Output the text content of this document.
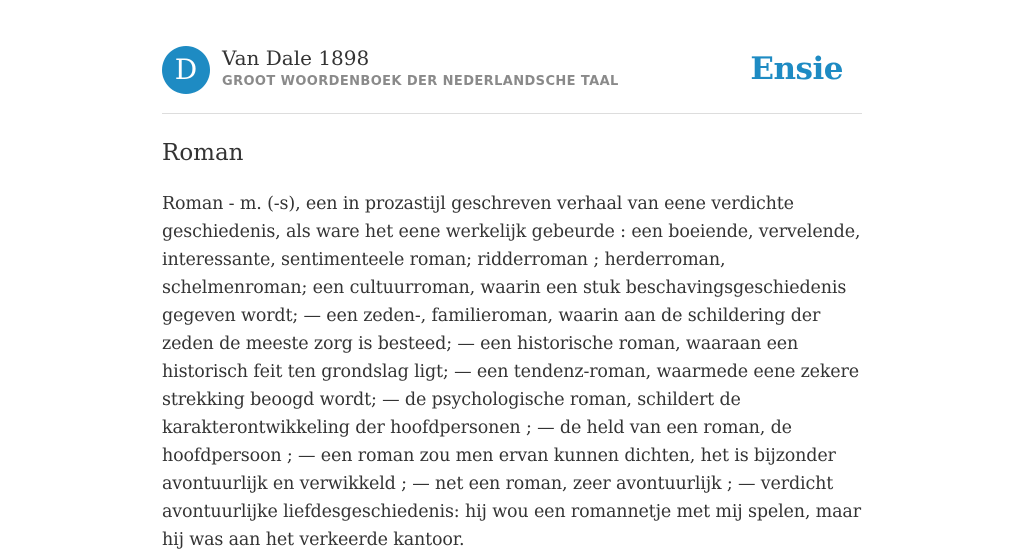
D	Van Dale 1898
GROOT WOORDENBOEK DER NEDERLANDSCHE TAAL	Ensie
Roman

Roman - m. (-s), een in prozastijl geschreven verhaal van eene verdichte geschiedenis, als ware het eene werkelijk gebeurde : een boeiende, vervelende, interessante, sentimenteele roman; ridderroman ; herderroman, schelmenroman; een cultuurroman, waarin een stuk beschavingsgeschiedenis gegeven wordt; — een zeden-, familieroman, waarin aan de schildering der zeden de meeste zorg is besteed; — een historische roman, waaraan een historisch feit ten grondslag ligt; — een tendenz-roman, waarmede eene zekere strekking beoogd wordt; — de psychologische roman, schildert de karakterontwikkeling der hoofdpersonen ; — de held van een roman, de hoofdpersoon ; — een roman zou men ervan kunnen dichten, het is bijzonder avontuurlijk en verwikkeld ; — net een roman, zeer avontuurlijk ; — verdicht avontuurlijke liefdesgeschiedenis: hij wou een romannetje met mij spelen, maar hij was aan het verkeerde kantoor.
